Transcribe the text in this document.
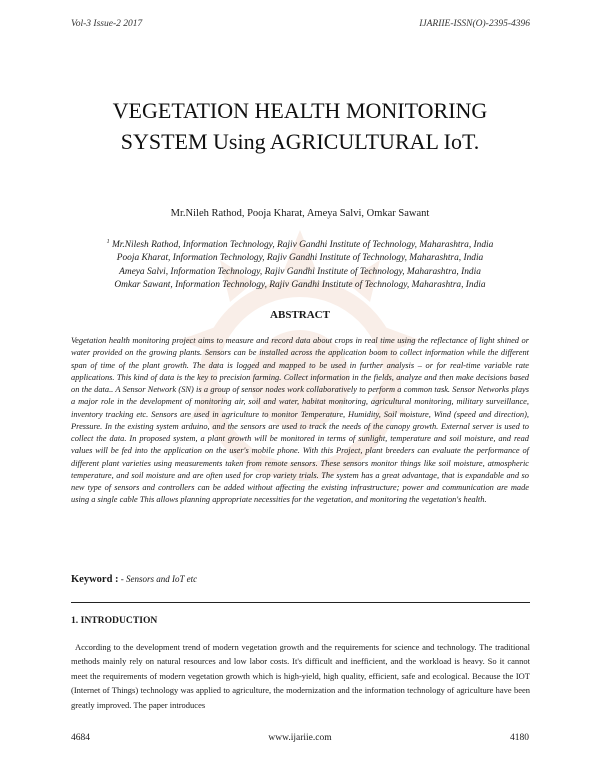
Vol-3 Issue-2 2017	IJARIIE-ISSN(O)-2395-4396
VEGETATION HEALTH MONITORING
SYSTEM Using AGRICULTURAL IoT.
Mr.Nileh Rathod, Pooja Kharat, Ameya Salvi, Omkar Sawant
$^1$ Mr.Nilesh Rathod, Information Technology, Rajiv Gandhi Institute of Technology, Maharashtra, India
Pooja Kharat, Information Technology, Rajiv Gandhi Institute of Technology, Maharashtra, India
Ameya Salvi, Information Technology, Rajiv Gandhi Institute of Technology, Maharashtra, India
Omkar Sawant, Information Technology, Rajiv Gandhi Institute of Technology, Maharashtra, India
ABSTRACT
Vegetation health monitoring project aims to measure and record data about crops in real time using the reflectance of light shined or water provided on the growing plants. Sensors can be installed across the application boom to collect information while the different span of time of the plant growth. The data is logged and mapped to be used in further analysis – or for real-time variable rate applications. This kind of data is the key to precision farming. Collect information in the fields, analyze and then make decisions based on the data.. A Sensor Network (SN) is a group of sensor nodes work collaboratively to perform a common task. Sensor Networks plays a major role in the development of monitoring air, soil and water, habitat monitoring, agricultural monitoring, military surveillance, inventory tracking etc. Sensors are used in agriculture to monitor Temperature, Humidity, Soil moisture, Wind (speed and direction), Pressure. In the existing system arduino, and the sensors are used to track the needs of the canopy growth. External server is used to collect the data. In proposed system, a plant growth will be monitored in terms of sunlight, temperature and soil moisture, and read values will be fed into the application on the user's mobile phone. With this Project, plant breeders can evaluate the performance of different plant varieties using measurements taken from remote sensors. These sensors monitor things like soil moisture, atmospheric temperature, and soil moisture and are often used for crop variety trials. The system has a great advantage, that is expandable and so new type of sensors and controllers can be added without affecting the existing infrastructure; power and communication are made using a single cable This allows planning appropriate necessities for the vegetation, and monitoring the vegetation's health.
Keyword : - Sensors and IoT etc
1. INTRODUCTION
According to the development trend of modern vegetation growth and the requirements for science and technology. The traditional methods mainly rely on natural resources and low labor costs. It's difficult and inefficient, and the workload is heavy. So it cannot meet the requirements of modern vegetation growth which is high-yield, high quality, efficient, safe and ecological. Because the IOT (Internet of Things) technology was applied to agriculture, the modernization and the information technology of agriculture have been greatly improved. The paper introduces
4684	www.ijariie.com	4180
